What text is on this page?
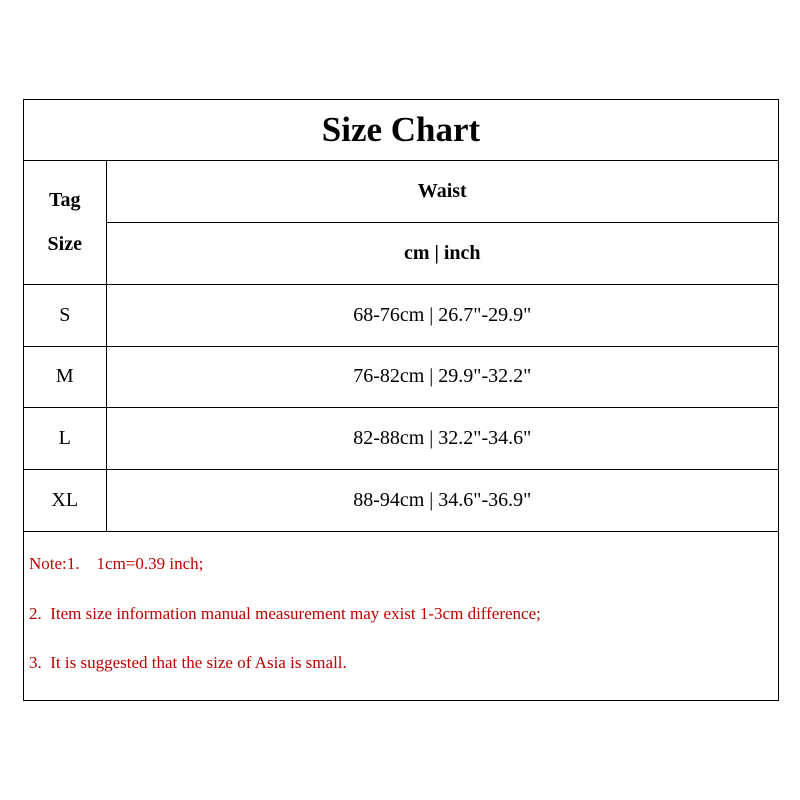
Size Chart
Tag
Size	Waist
	cm | inch
S	68-76cm | 26.7"-29.9"
M	76-82cm | 29.9"-32.2"
L	82-88cm | 32.2"-34.6"
XL	88-94cm | 34.6"-36.9"
Note:1.    1cm=0.39 inch;
2.  Item size information manual measurement may exist 1-3cm difference;
3.  It is suggested that the size of Asia is small.
